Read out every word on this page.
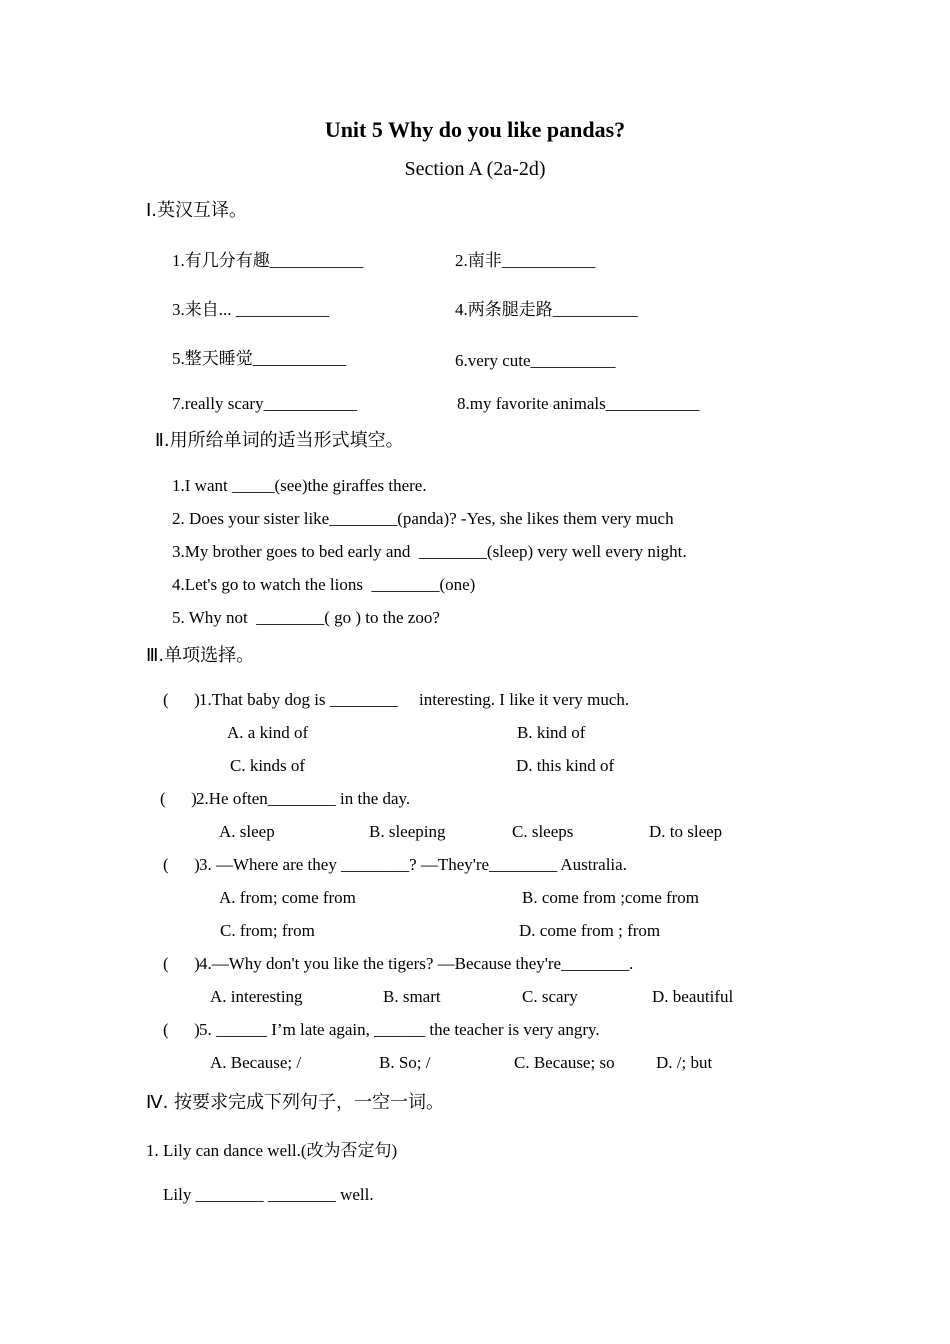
Unit 5 Why do you like pandas?
Section A (2a-2d)
Ⅰ.英汉互译。
1.有几分有趣___________	2.南非___________
3.来自... ___________	4.两条腿走路__________
5.整天睡觉___________	6.very cute__________
7.really scary___________	8.my favorite animals___________
Ⅱ.用所给单词的适当形式填空。
1.I want _____(see)the giraffes there.
2. Does your sister like________(panda)? -Yes, she likes them very much
3.My brother goes to bed early and  ________(sleep) very well every night.
4.Let's go to watch the lions  ________(one)
5. Why not  ________( go ) to the zoo?
Ⅲ.单项选择。
(      ) 1.That baby dog is ________     interesting. I like it very much.
A. a kind of	B. kind of
C. kinds of	D. this kind of
(      ) 2.He often________ in the day.
A. sleep	B. sleeping	C. sleeps	D. to sleep
(      ) 3. —Where are they ________? —They're________ Australia.
A. from; come from	B. come from ;come from
C. from; from	D. come from ; from
(      ) 4.—Why don't you like the tigers? —Because they're________.
A. interesting	B. smart	C. scary	D. beautiful
(      ) 5. ______ I’m late again, ______ the teacher is very angry.
A. Because; /	B. So; /	C. Because; so D. /; but
Ⅳ. 按要求完成下列句子，一空一词。
1. Lily can dance well.(改为否定句)
Lily ________ ________ well.
